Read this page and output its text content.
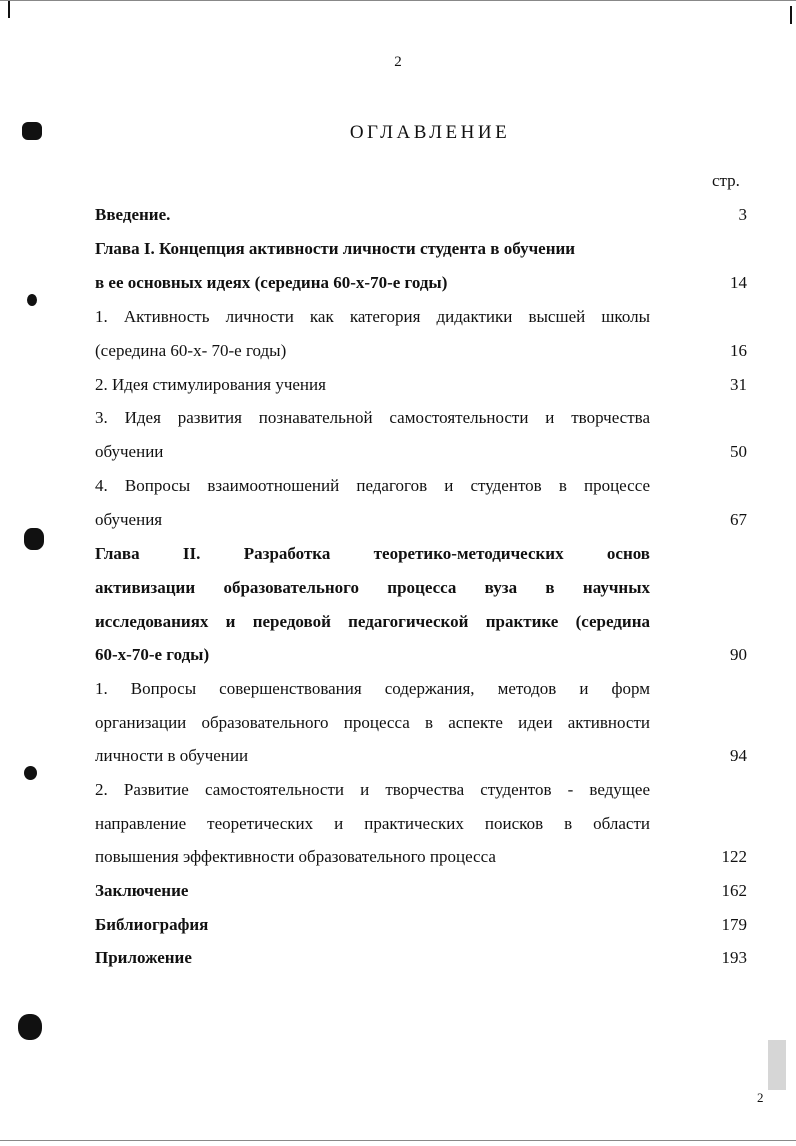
2
ОГЛАВЛЕНИЕ
стр.
Введение.	3
Глава I. Концепция активности личности студента в обучении
в ее основных идеях (середина 60-х-70-е годы)	14
1. Активность личности как категория дидактики высшей школы
(середина 60-х- 70-е годы)	16
2. Идея стимулирования учения	31
3. Идея развития познавательной самостоятельности и творчества
обучении	50
4. Вопросы взаимоотношений педагогов и студентов в процессе
обучения	67
Глава II. Разработка теоретико-методических основ
активизации образовательного процесса вуза в научных
исследованиях и передовой педагогической практике (середина
60-х-70-е годы)	90
1. Вопросы совершенствования содержания, методов и форм
организации образовательного процесса в аспекте идеи активности
личности в обучении	94
2. Развитие самостоятельности и творчества студентов - ведущее
направление теоретических и практических поисков в области
повышения эффективности образовательного процесса	122
Заключение	162
Библиография	179
Приложение	193
2
